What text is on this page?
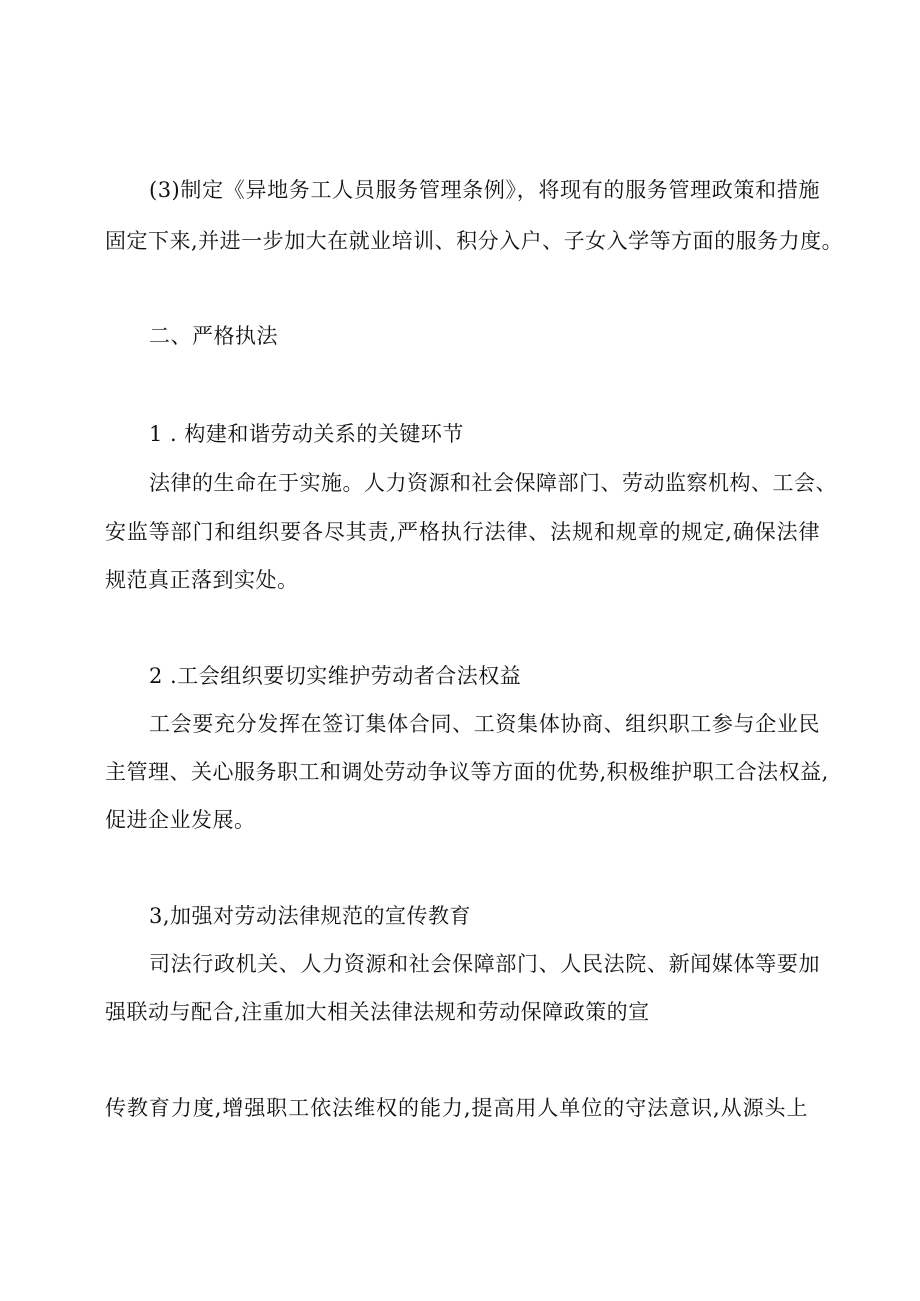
(3)制定《异地务工人员服务管理条例》，将现有的服务管理政策和措施
固定下来,并进一步加大在就业培训、积分入户、子女入学等方面的服务力度。
二、严格执法
1 . 构建和谐劳动关系的关键环节
法律的生命在于实施。人力资源和社会保障部门、劳动监察机构、工会、
安监等部门和组织要各尽其责,严格执行法律、法规和规章的规定,确保法律
规范真正落到实处。
2 .工会组织要切实维护劳动者合法权益
工会要充分发挥在签订集体合同、工资集体协商、组织职工参与企业民
主管理、关心服务职工和调处劳动争议等方面的优势,积极维护职工合法权益,
促进企业发展。
3,加强对劳动法律规范的宣传教育
司法行政机关、人力资源和社会保障部门、人民法院、新闻媒体等要加
强联动与配合,注重加大相关法律法规和劳动保障政策的宣
传教育力度,增强职工依法维权的能力,提高用人单位的守法意识,从源头上
